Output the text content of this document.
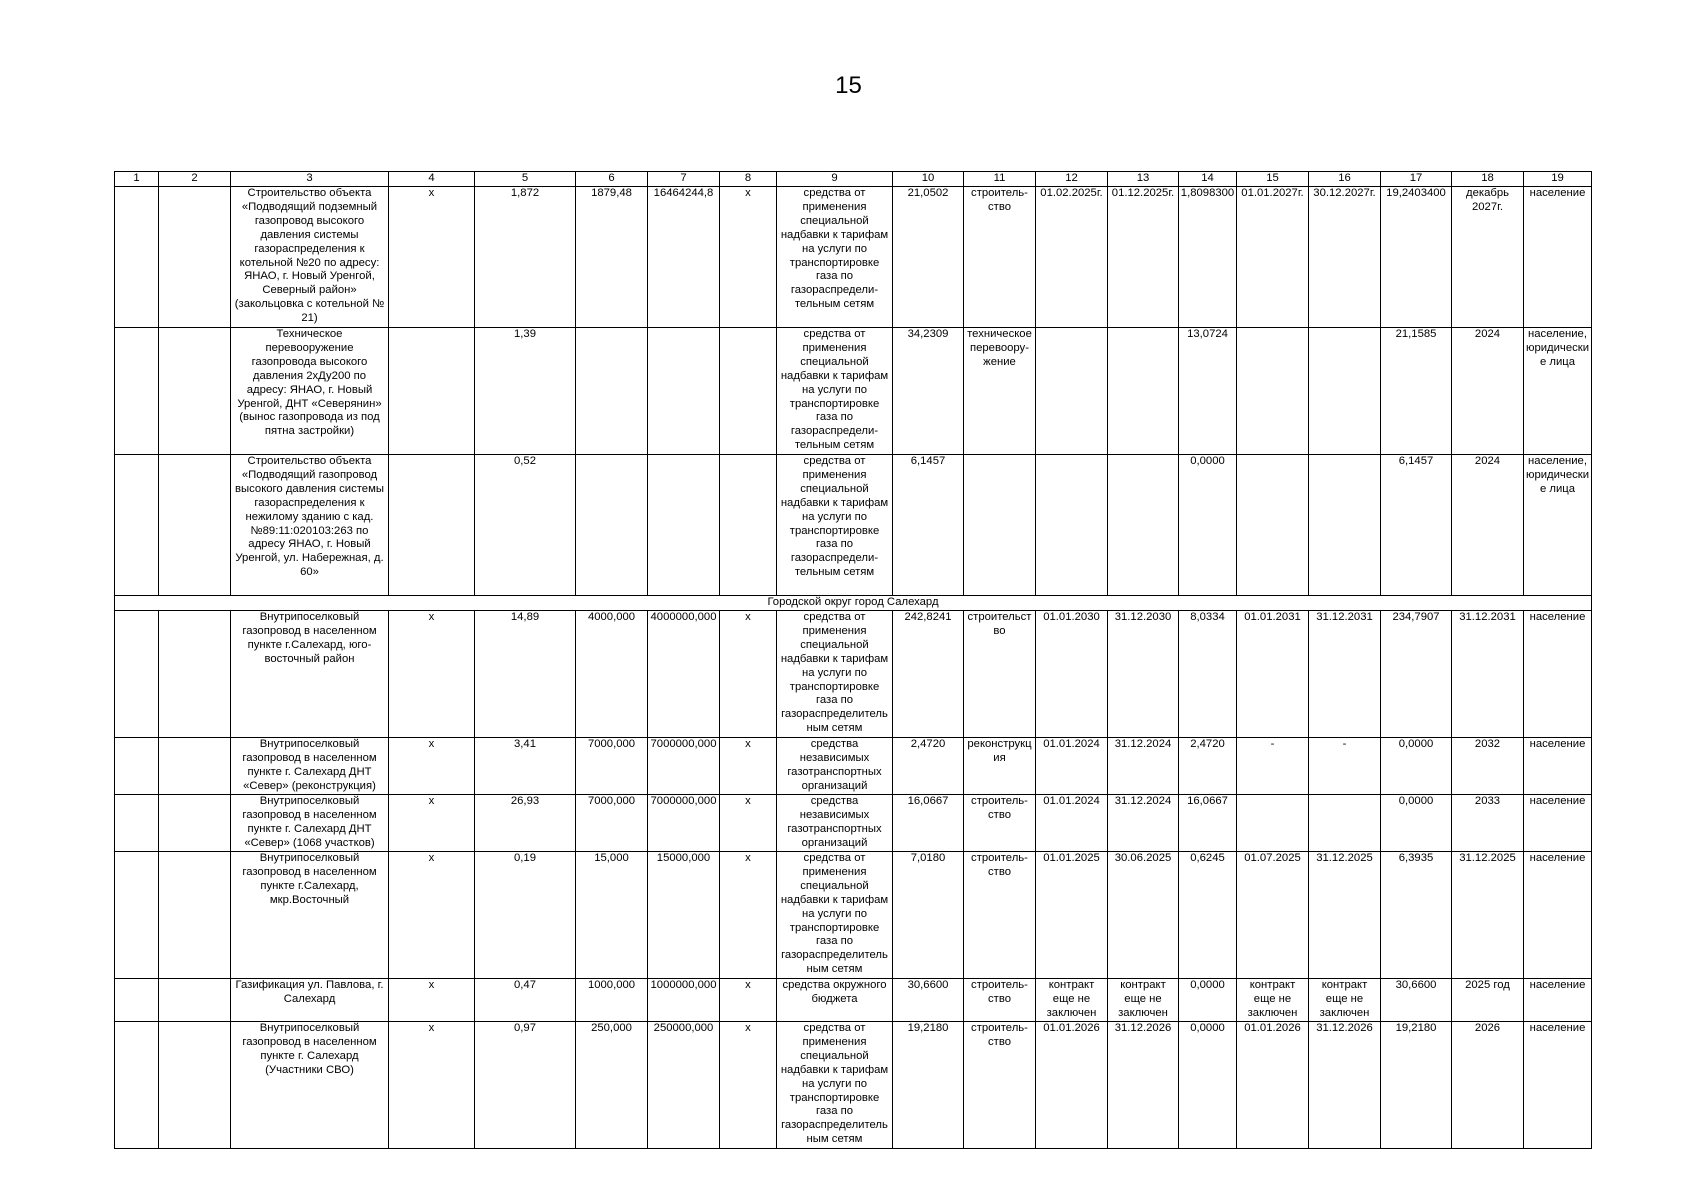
15
1	2	3	4	5	6	7	8	9	10	11	12	13	14	15	16	17	18	19
		Строительство объекта «Подводящий подземный газопровод высокого давления системы газораспределения к котельной №20 по адресу: ЯНАО, г. Новый Уренгой, Северный район» (закольцовка с котельной № 21)	х	1,872	1879,48	16464244,8	х	средства от применения специальной надбавки к тарифам на услуги по транспортировке газа по газораспредели-тельным сетям	21,0502	строитель-ство	01.02.2025г.	01.12.2025г.	1,8098300	01.01.2027г.	30.12.2027г.	19,2403400	декабрь 2027г.	население
		Техническое перевооружение газопровода высокого давления 2хДу200 по адресу: ЯНАО, г. Новый Уренгой, ДНТ «Северянин» (вынос газопровода из под пятна застройки)		1,39				средства от применения специальной надбавки к тарифам на услуги по транспортировке газа по газораспредели-тельным сетям	34,2309	техническое перевоору-жение			13,0724			21,1585	2024	население, юридически е лица
		Строительство объекта «Подводящий газопровод высокого давления системы газораспределения к нежилому зданию с кад.№89:11:020103:263 по адресу ЯНАО, г. Новый Уренгой, ул. Набережная, д. 60»		0,52				средства от применения специальной надбавки к тарифам на услуги по транспортировке газа по газораспредели-тельным сетям	6,1457				0,0000			6,1457	2024	население, юридически е лица
Городской округ город Салехард																		
		Внутрипоселковый газопровод в населенном пункте г.Салехард, юго-восточный район	х	14,89	4000,000	4000000,000	х	средства от применения специальной надбавки к тарифам на услуги по транспортировке газа по газораспределительным сетям	242,8241	строительство	01.01.2030	31.12.2030	8,0334	01.01.2031	31.12.2031	234,7907	31.12.2031	население
		Внутрипоселковый газопровод в населенном пункте г. Салехард ДНТ «Север» (реконструкция)	х	3,41	7000,000	7000000,000	х	средства независимых газотранспортных организаций	2,4720	реконструкция	01.01.2024	31.12.2024	2,4720	-	-	0,0000	2032	население
		Внутрипоселковый газопровод в населенном пункте г. Салехард ДНТ «Север» (1068 участков)	х	26,93	7000,000	7000000,000	х	средства независимых газотранспортных организаций	16,0667	строитель-ство	01.01.2024	31.12.2024	16,0667			0,0000	2033	население
		Внутрипоселковый газопровод в населенном пункте г.Салехард, мкр.Восточный	х	0,19	15,000	15000,000	х	средства от применения специальной надбавки к тарифам на услуги по транспортировке газа по газораспределительным сетям	7,0180	строитель-ство	01.01.2025	30.06.2025	0,6245	01.07.2025	31.12.2025	6,3935	31.12.2025	население
		Газификация ул. Павлова, г. Салехард	х	0,47	1000,000	1000000,000	х	средства окружного бюджета	30,6600	строитель-ство	контракт еще не заключен	контракт еще не заключен	0,0000	контракт еще не заключен	контракт еще не заключен	30,6600	2025 год	население
		Внутрипоселковый газопровод в населенном пункте г. Салехард (Участники СВО)	х	0,97	250,000	250000,000	х	средства от применения специальной надбавки к тарифам на услуги по транспортировке газа по газораспределительным сетям	19,2180	строитель-ство	01.01.2026	31.12.2026	0,0000	01.01.2026	31.12.2026	19,2180	2026	население
